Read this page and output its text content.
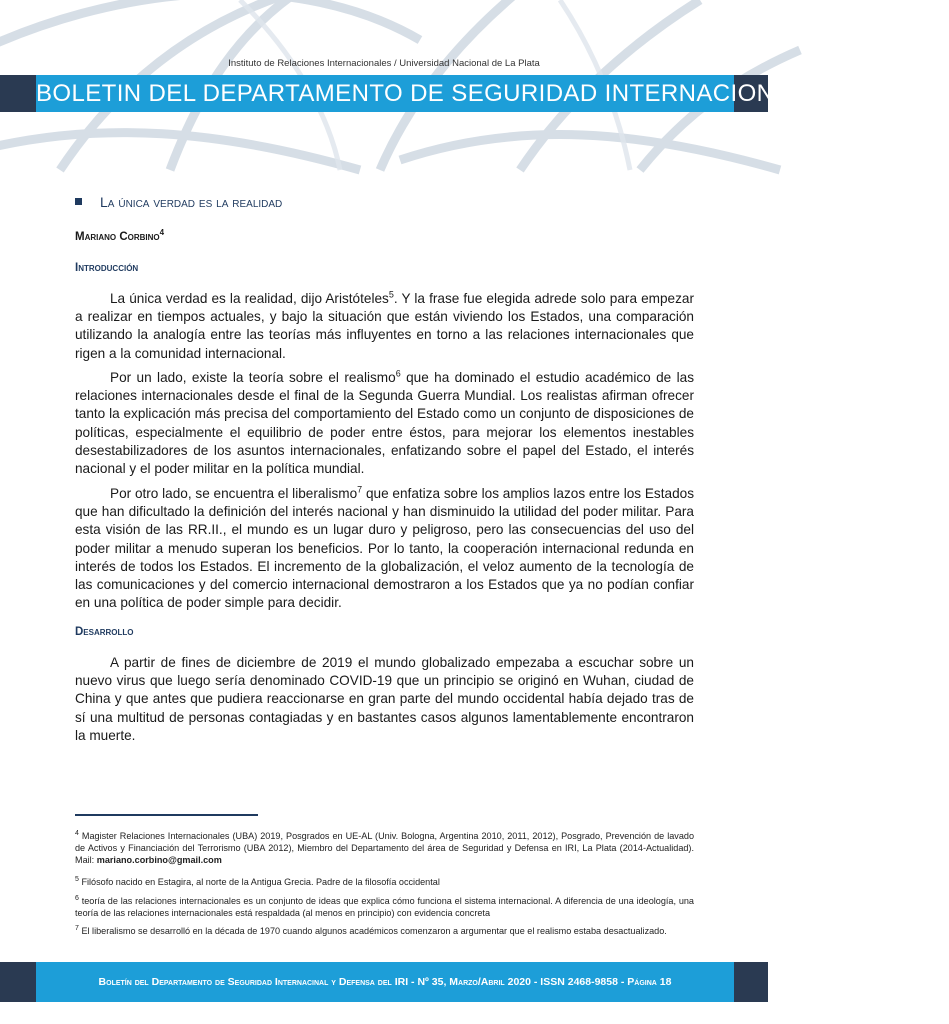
Instituto de Relaciones Internacionales / Universidad Nacional de La Plata
BOLETIN DEL DEPARTAMENTO DE SEGURIDAD INTERNACIONAL Y DEFENSA
La única verdad es la realidad
Mariano Corbino$^4$
Introducción
La única verdad es la realidad, dijo Aristóteles$^5$. Y la frase fue elegida adrede solo para empezar a realizar en tiempos actuales, y bajo la situación que están viviendo los Estados, una comparación utilizando la analogía entre las teorías más influyentes en torno a las relaciones internacionales que rigen a la comunidad internacional.
Por un lado, existe la teoría sobre el realismo$^6$ que ha dominado el estudio académico de las relaciones internacionales desde el final de la Segunda Guerra Mundial. Los realistas afirman ofrecer tanto la explicación más precisa del comportamiento del Estado como un conjunto de disposiciones de políticas, especialmente el equilibrio de poder entre éstos, para mejorar los elementos inestables desestabilizadores de los asuntos internacionales, enfatizando sobre el papel del Estado, el interés nacional y el poder militar en la política mundial.
Por otro lado, se encuentra el liberalismo$^7$ que enfatiza sobre los amplios lazos entre los Estados que han dificultado la definición del interés nacional y han disminuido la utilidad del poder militar. Para esta visión de las RR.II., el mundo es un lugar duro y peligroso, pero las consecuencias del uso del poder militar a menudo superan los beneficios. Por lo tanto, la cooperación internacional redunda en interés de todos los Estados. El incremento de la globalización, el veloz aumento de la tecnología de las comunicaciones y del comercio internacional demostraron a los Estados que ya no podían confiar en una política de poder simple para decidir.
Desarrollo
A partir de fines de diciembre de 2019 el mundo globalizado empezaba a escuchar sobre un nuevo virus que luego sería denominado COVID-19 que un principio se originó en Wuhan, ciudad de China y que antes que pudiera reaccionarse en gran parte del mundo occidental había dejado tras de sí una multitud de personas contagiadas y en bastantes casos algunos lamentablemente encontraron la muerte.
$^4$ Magister Relaciones Internacionales (UBA) 2019, Posgrados en UE-AL (Univ. Bologna, Argentina 2010, 2011, 2012), Posgrado, Prevención de lavado de Activos y Financiación del Terrorismo (UBA 2012), Miembro del Departamento del área de Seguridad y Defensa en IRI, La Plata (2014-Actualidad). Mail: mariano.corbino@gmail.com
$^5$ Filósofo nacido en Estagira, al norte de la Antigua Grecia. Padre de la filosofía occidental
$^6$ teoría de las relaciones internacionales es un conjunto de ideas que explica cómo funciona el sistema internacional. A diferencia de una ideología, una teoría de las relaciones internacionales está respaldada (al menos en principio) con evidencia concreta
$^7$ El liberalismo se desarrolló en la década de 1970 cuando algunos académicos comenzaron a argumentar que el realismo estaba desactualizado.
Boletín del Departamento de Seguridad Internacinal y Defensa del IRI - Nº 35, Marzo/Abril 2020 - ISSN 2468-9858 - Página 18
